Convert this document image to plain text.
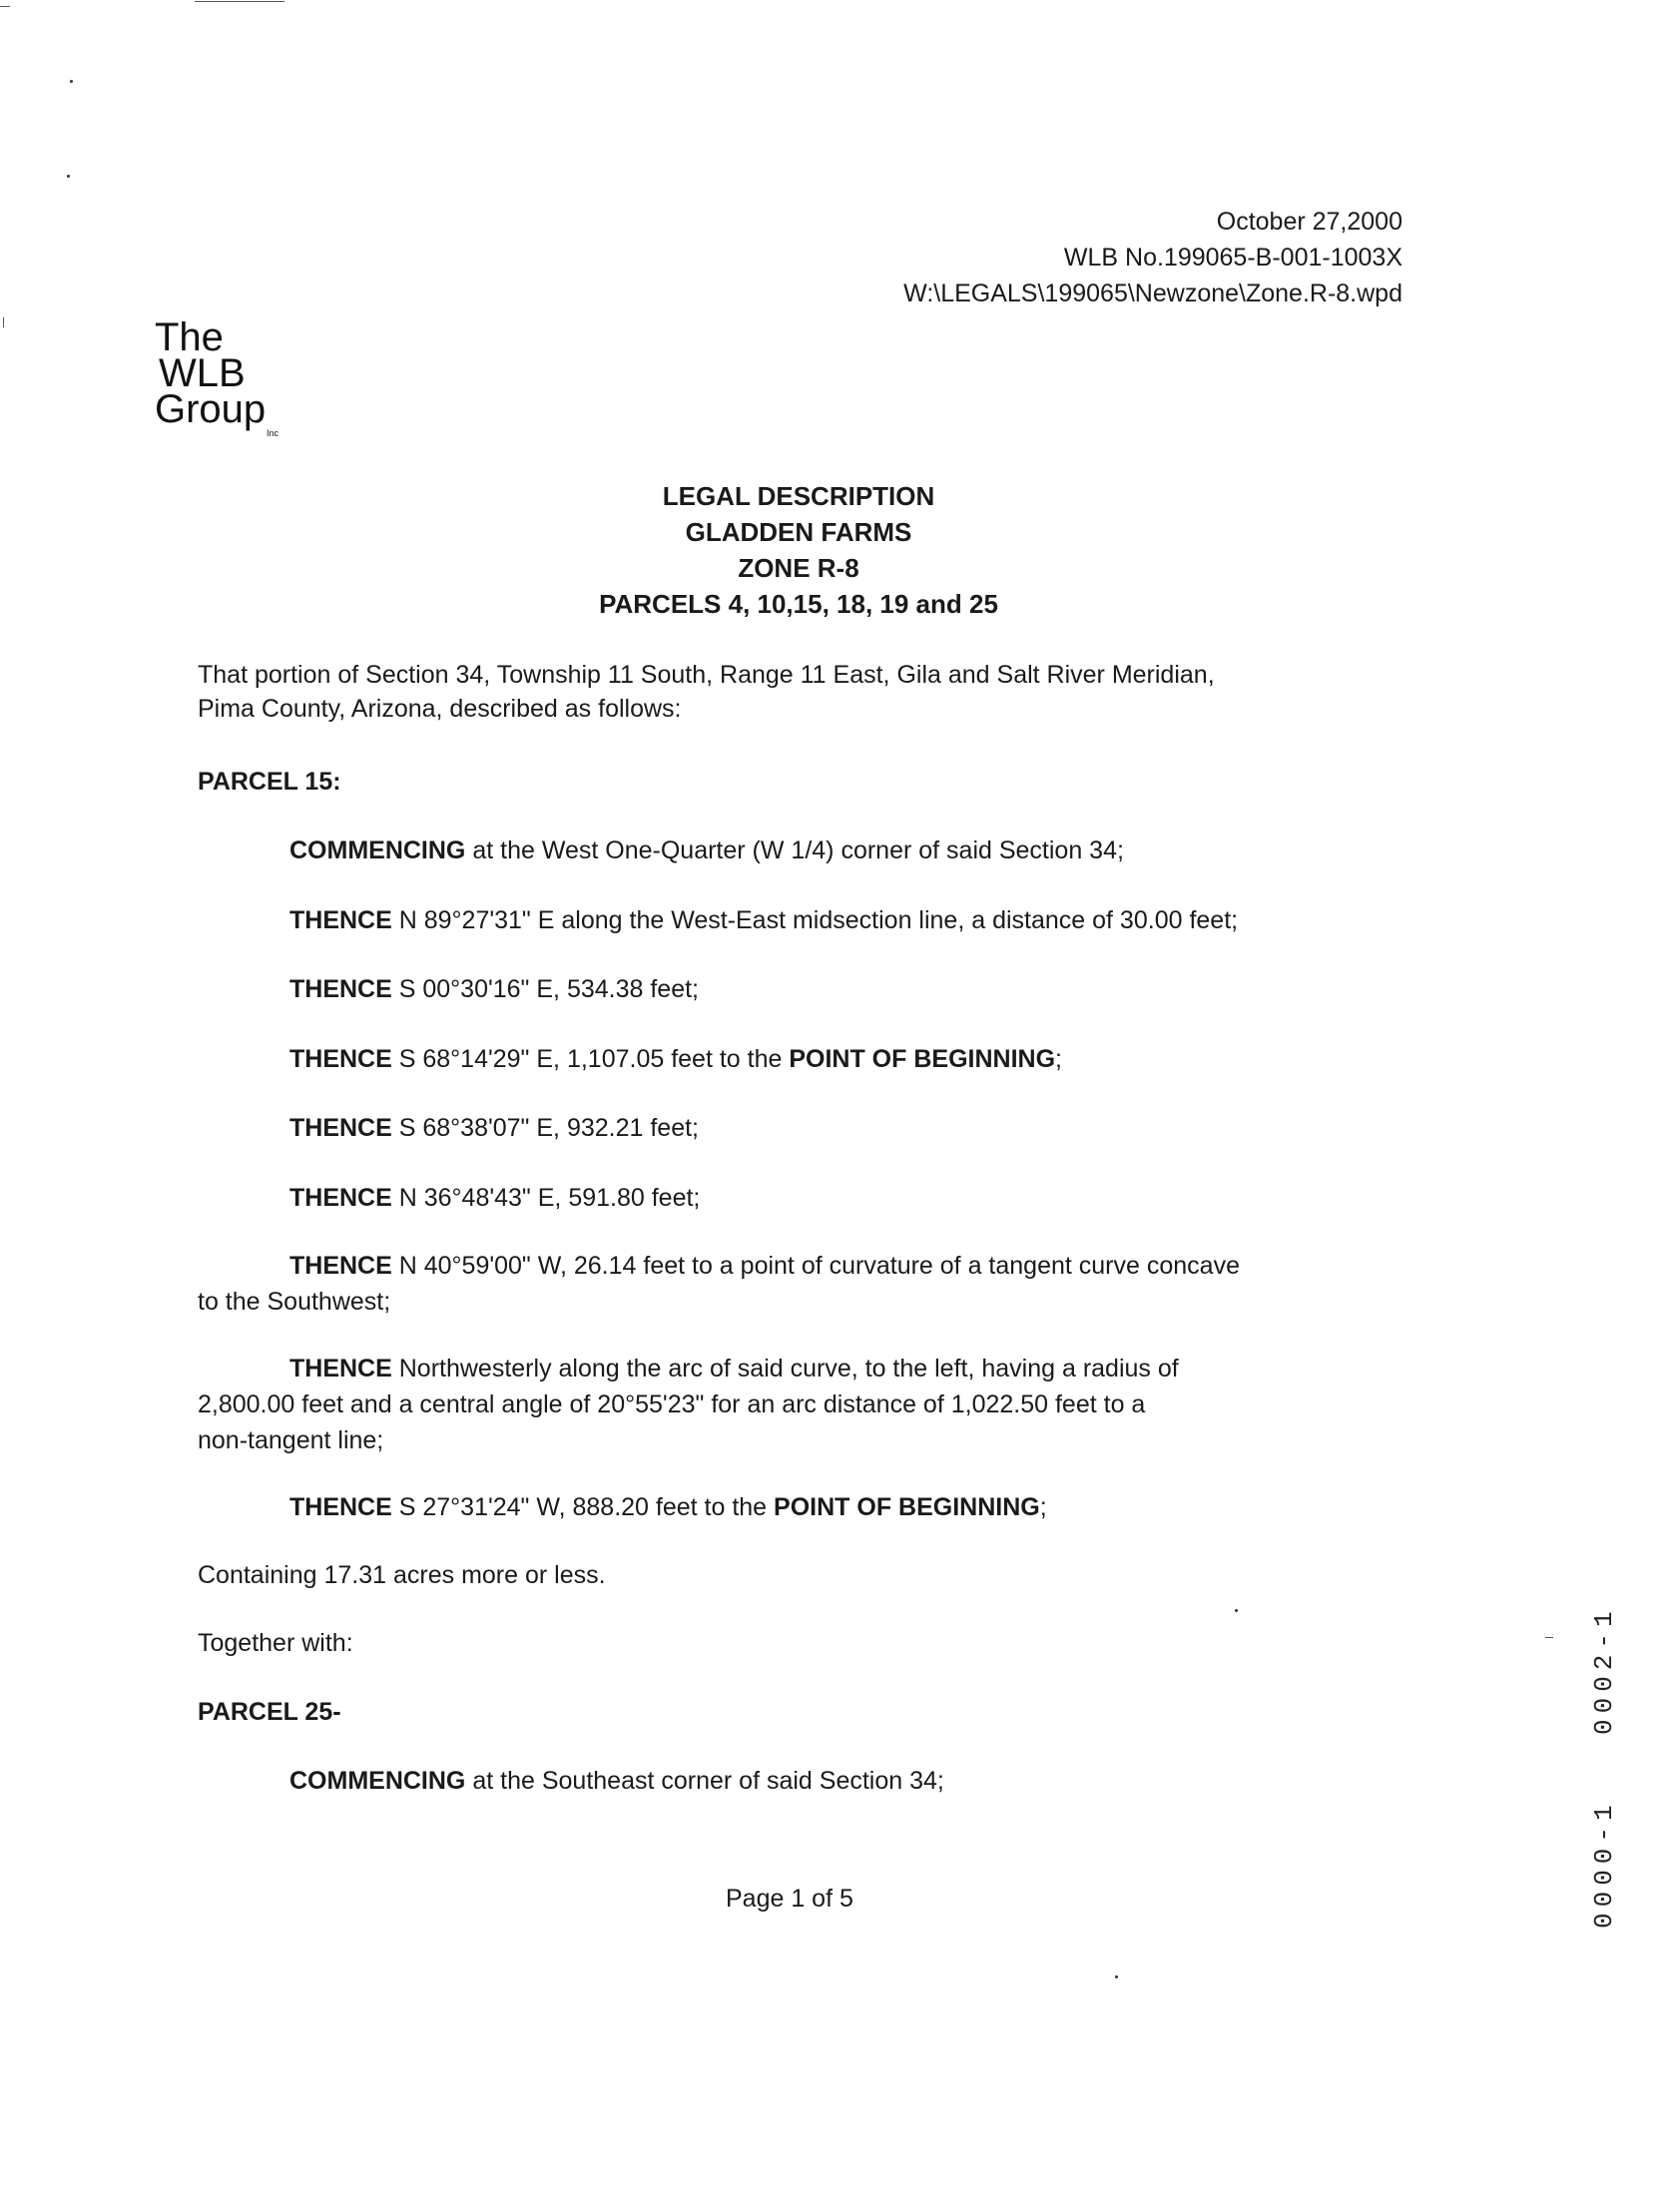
October 27,2000
WLB No.199065-B-001-1003X
W:\LEGALS\199065\Newzone\Zone.R-8.wpd
The
WLB
Group
Inc
LEGAL DESCRIPTION
GLADDEN FARMS
ZONE R-8
PARCELS 4, 10,15, 18, 19 and 25
That portion of Section 34, Township 11 South, Range 11 East, Gila and Salt River Meridian,
Pima County, Arizona, described as follows:
PARCEL 15:
COMMENCING at the West One-Quarter (W 1/4) corner of said Section 34;
THENCE N 89°27'31" E along the West-East midsection line, a distance of 30.00 feet;
THENCE S 00°30'16" E, 534.38 feet;
THENCE S 68°14'29" E, 1,107.05 feet to the POINT OF BEGINNING;
THENCE S 68°38'07" E, 932.21 feet;
THENCE N 36°48'43" E, 591.80 feet;
THENCE N 40°59'00" W, 26.14 feet to a point of curvature of a tangent curve concave
to the Southwest;
THENCE Northwesterly along the arc of said curve, to the left, having a radius of
2,800.00 feet and a central angle of 20°55'23" for an arc distance of 1,022.50 feet to a
non-tangent line;
THENCE S 27°31'24" W, 888.20 feet to the POINT OF BEGINNING;
Containing 17.31 acres more or less.
Together with:
PARCEL 25-
COMMENCING at the Southeast corner of said Section 34;
Page 1 of 5
0002-1
0000-1
